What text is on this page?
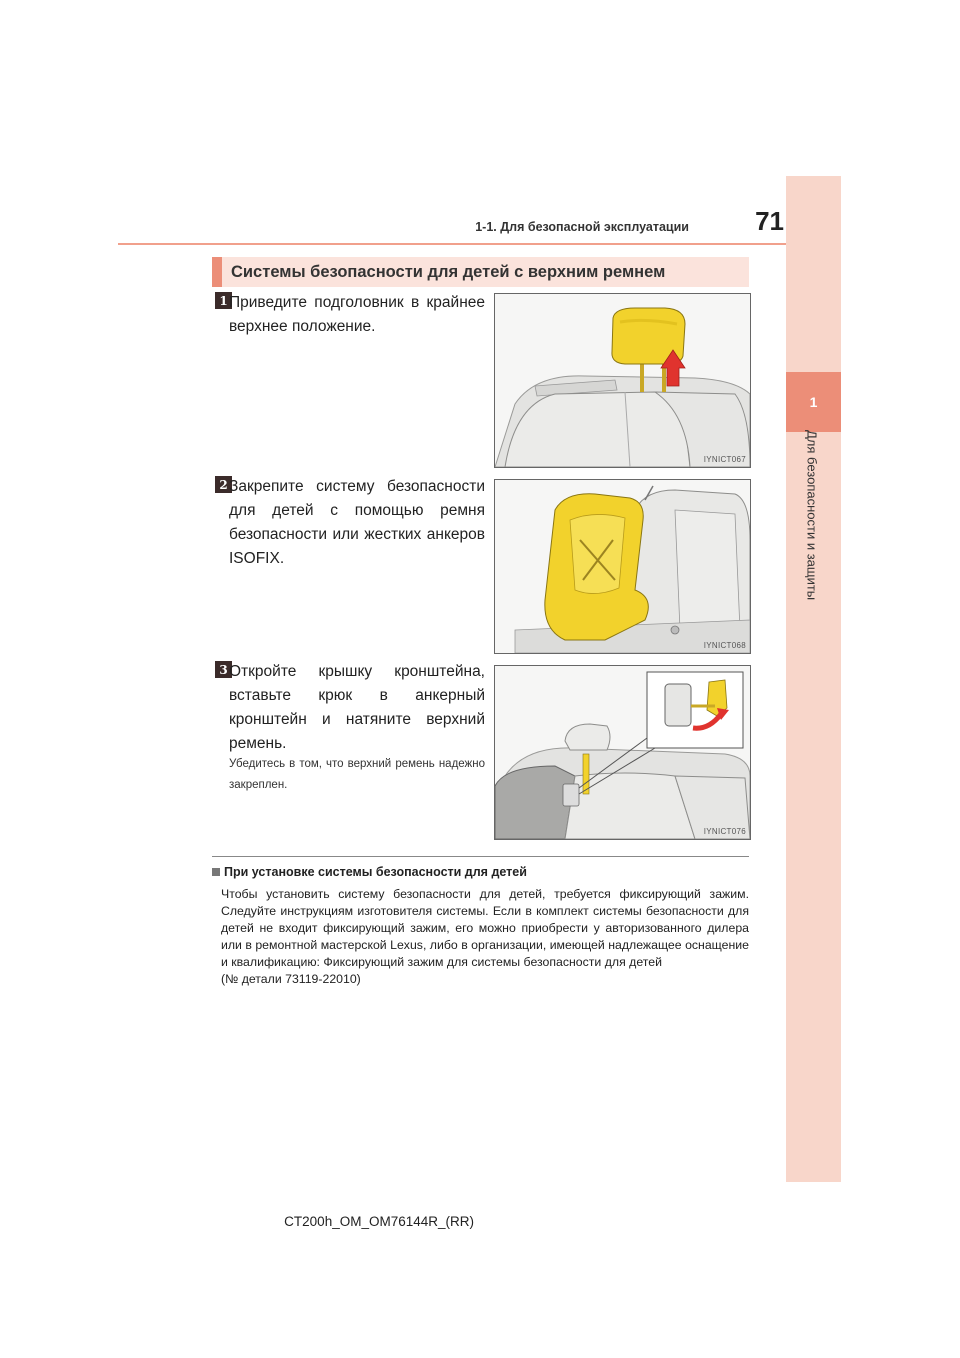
1
Для безопасности и защиты
1-1. Для безопасной эксплуатации	71
Системы безопасности для детей с верхним ремнем
1 Приведите подголовник в крайнее верхнее положение.
IYNICT067
2 Закрепите систему безопасности для детей с помощью ремня безопасности или жестких анкеров ISOFIX.
IYNICT068
3 Откройте крышку кронштейна, вставьте крюк в анкерный кронштейн и натяните верхний ремень.
Убедитесь в том, что верхний ремень надежно закреплен.
IYNICT076
При установке системы безопасности для детей
Чтобы установить систему безопасности для детей, требуется фиксирующий зажим. Следуйте инструкциям изготовителя системы. Если в комплект системы безопасности для детей не входит фиксирующий зажим, его можно приобрести у авторизованного дилера или в ремонтной мастерской Lexus, либо в организации, имеющей надлежащее оснащение и квалификацию: Фиксирующий зажим для системы безопасности для детей
(№ детали 73119-22010)
CT200h_OM_OM76144R_(RR)
